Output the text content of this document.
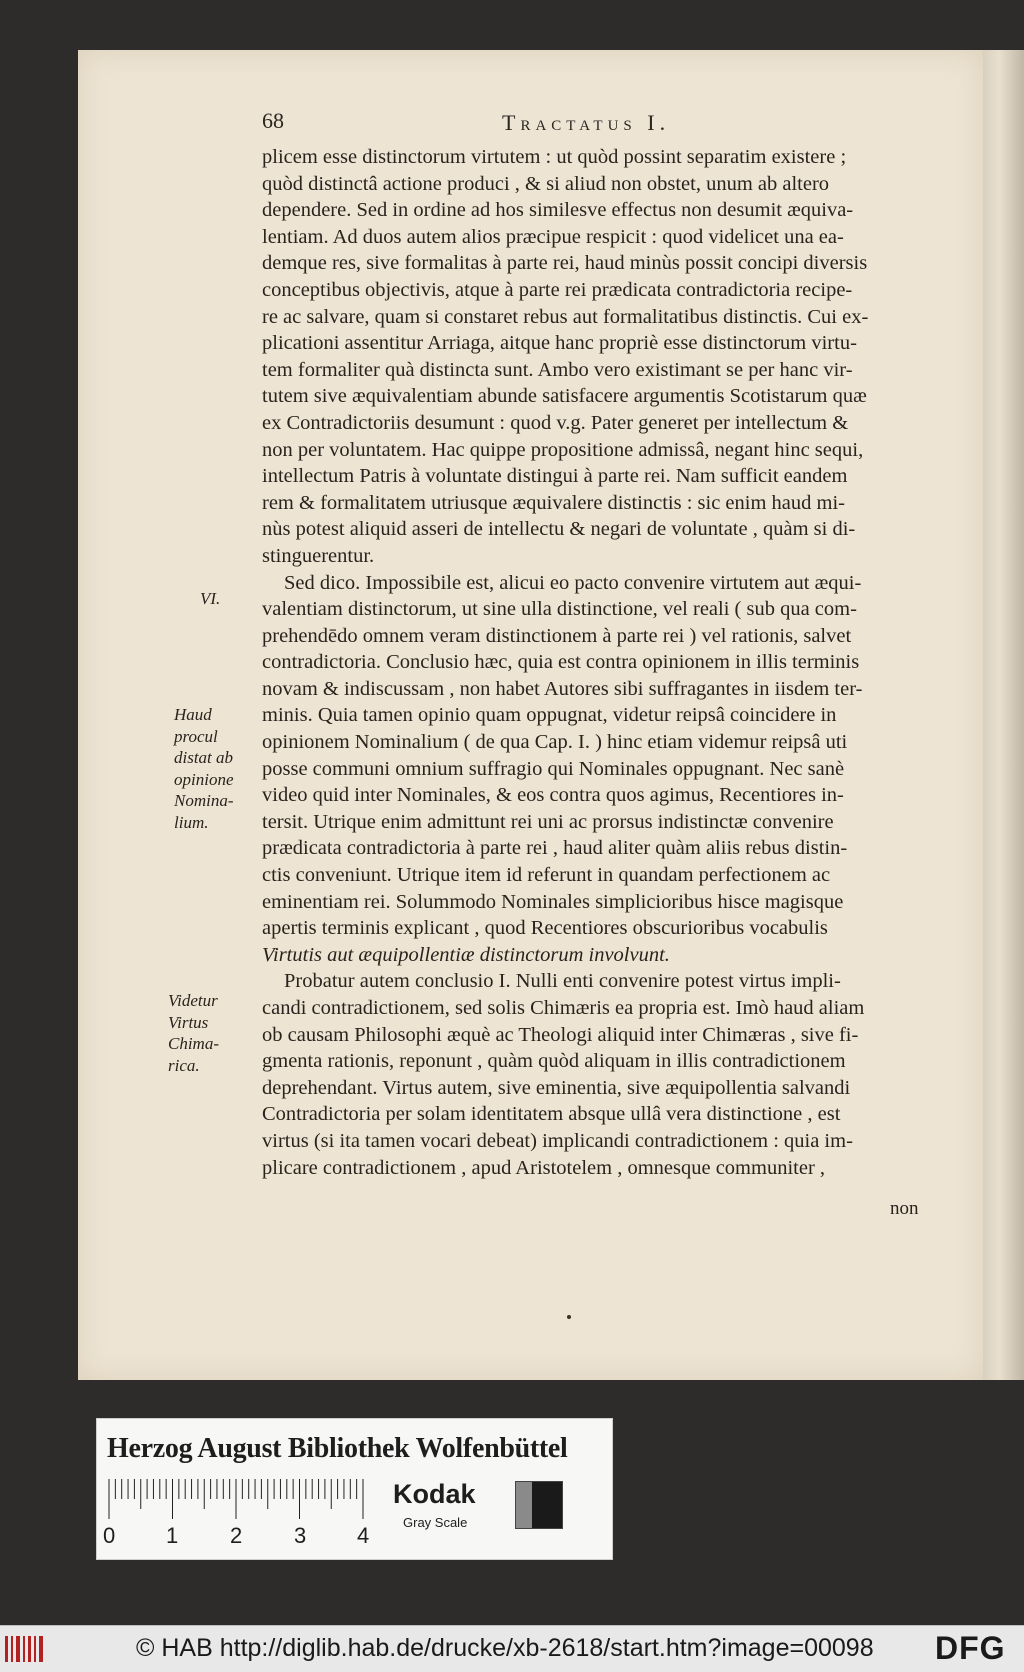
68	Tractatus I.
plicem esse distinctorum virtutem : ut quòd possint separatim existere ;
quòd distinctâ actione produci , & si aliud non obstet, unum ab altero
dependere. Sed in ordine ad hos similesve effectus non desumit æquiva-
lentiam. Ad duos autem alios præcipue respicit : quod videlicet una ea-
demque res, sive formalitas à parte rei, haud minùs possit concipi diversis
conceptibus objectivis, atque à parte rei prædicata contradictoria recipe-
re ac salvare, quam si constaret rebus aut formalitatibus distinctis. Cui ex-
plicationi assentitur Arriaga, aitque hanc propriè esse distinctorum virtu-
tem formaliter quà distincta sunt. Ambo vero existimant se per hanc vir-
tutem sive æquivalentiam abunde satisfacere argumentis Scotistarum quæ
ex Contradictoriis desumunt : quod v.g. Pater generet per intellectum &
non per voluntatem. Hac quippe propositione admissâ, negant hinc sequi,
intellectum Patris à voluntate distingui à parte rei. Nam sufficit eandem
rem & formalitatem utriusque æquivalere distinctis : sic enim haud mi-
nùs potest aliquid asseri de intellectu & negari de voluntate , quàm si di-
stinguerentur.
Sed dico. Impossibile est, alicui eo pacto convenire virtutem aut æqui-
valentiam distinctorum, ut sine ulla distinctione, vel reali ( sub qua com-
prehendēdo omnem veram distinctionem à parte rei ) vel rationis, salvet
contradictoria. Conclusio hæc, quia est contra opinionem in illis terminis
novam & indiscussam , non habet Autores sibi suffragantes in iisdem ter-
minis. Quia tamen opinio quam oppugnat, videtur reipsâ coincidere in
opinionem Nominalium ( de qua Cap. I. ) hinc etiam videmur reipsâ uti
posse communi omnium suffragio qui Nominales oppugnant. Nec sanè
video quid inter Nominales, & eos contra quos agimus, Recentiores in-
tersit. Utrique enim admittunt rei uni ac prorsus indistinctæ convenire
prædicata contradictoria à parte rei , haud aliter quàm aliis rebus distin-
ctis conveniunt. Utrique item id referunt in quandam perfectionem ac
eminentiam rei. Solummodo Nominales simplicioribus hisce magisque
apertis terminis explicant , quod Recentiores obscurioribus vocabulis
Virtutis aut æquipollentiæ distinctorum involvunt.
Probatur autem conclusio I. Nulli enti convenire potest virtus impli-
candi contradictionem, sed solis Chimæris ea propria est. Imò haud aliam
ob causam Philosophi æquè ac Theologi aliquid inter Chimæras , sive fi-
gmenta rationis, reponunt , quàm quòd aliquam in illis contradictionem
deprehendant. Virtus autem, sive eminentia, sive æquipollentia salvandi
Contradictoria per solam identitatem absque ullâ vera distinctione , est
virtus (si ita tamen vocari debeat) implicandi contradictionem : quia im-
plicare contradictionem , apud Aristotelem , omnesque communiter ,
VI.
Haud
procul
distat ab
opinione
Nomina-
lium.
Videtur
Virtus
Chima-
rica.
non
Herzog August Bibliothek Wolfenbüttel
0 1 2 3 4
Kodak
Gray Scale
© HAB http://diglib.hab.de/drucke/xb-2618/start.htm?image=00098 DFG
